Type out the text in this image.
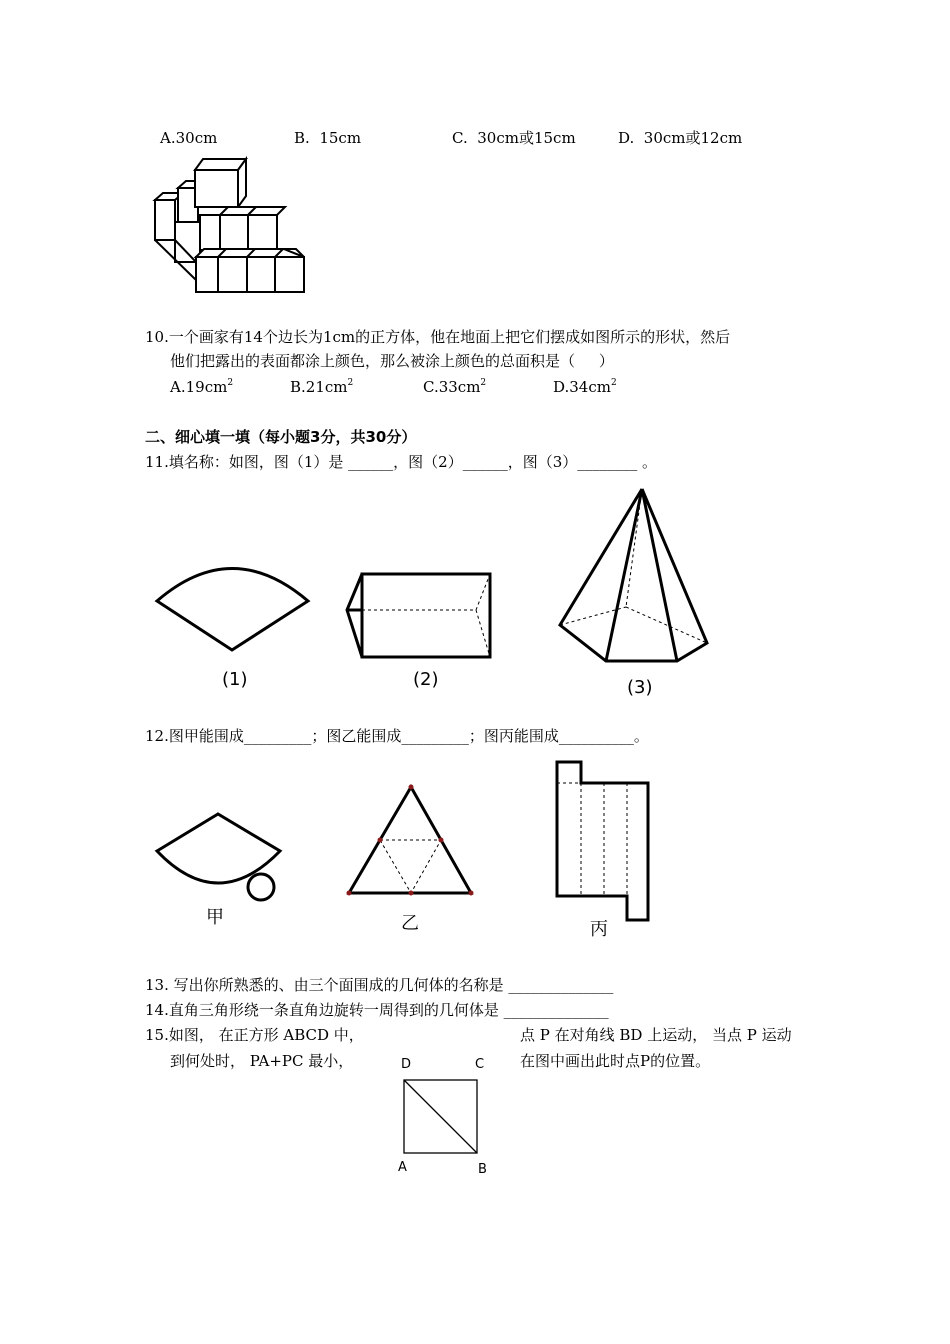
A.30cm	B.  15cm	C.  30cm或15cm	D.  30cm或12cm
10.一个画家有14个边长为1cm的正方体，他在地面上把它们摆成如图所示的形状，然后
他们把露出的表面都涂上颜色，那么被涂上颜色的总面积是（     ）
$A.19cm^2$	$B.21cm^2$	$C.33cm^2$	$D.34cm^2$
二、细心填一填（每小题3分，共30分）
11.填名称：如图，图（1）是 ______，图（2）______，图（3）________ 。
(1)	(2)	(3)
12.图甲能围成_________；图乙能围成_________；图丙能围成__________。
甲	乙	丙
13. 写出你所熟悉的、由三个面围成的几何体的名称是 ______________
14.直角三角形绕一条直角边旋转一周得到的几何体是 ______________
15.如图， 在正方形 ABCD 中，	点 P 在对角线 BD 上运动， 当点 P 运动
到何处时， PA+PC 最小，	在图中画出此时点P的位置。
D	C
A	B
